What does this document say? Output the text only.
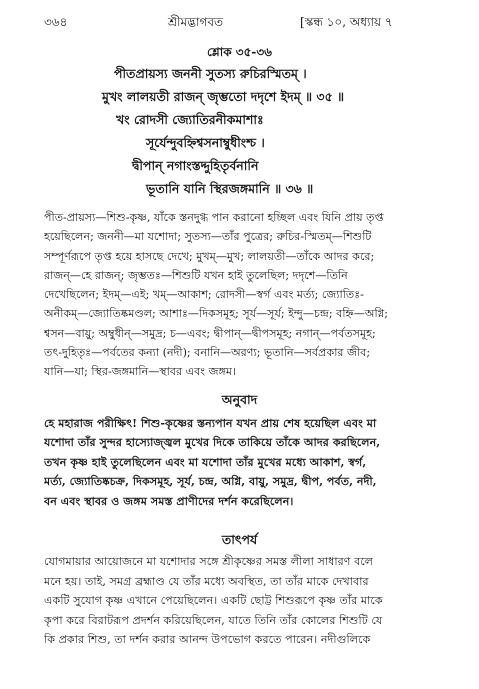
৩৬৪	শ্রীমদ্ভাগবত	[স্কন্ধ ১০, অধ্যায় ৭
শ্লোক ৩৫-৩৬
পীতপ্রায়স্য জননী সুতস্য রুচিরস্মিতম্ ।
মুখং লালয়তী রাজন্ জৃম্ভতো দদৃশে ইদম্ ॥ ৩৫ ॥
খং রোদসী জ্যোতিরনীকমাশাঃ
সূর্যেন্দুবহ্নিশ্বসনাম্বুধীংশ্চ ।
দ্বীপান্ নগাংস্তদ্দুহিতৃর্বনানি
ভূতানি যানি স্থিরজঙ্গমানি ॥ ৩৬ ॥
পীত-প্রায়স্য—শিশু-কৃষ্ণ, যাঁকে স্তনদুগ্ধ পান করানো হচ্ছিল এবং যিনি প্রায় তৃপ্ত
হয়েছিলেন; জননী—মা যশোদা; সুতস্য—তাঁর পুত্রের; রুচির-স্মিতম্—শিশুটি
সম্পূর্ণরূপে তৃপ্ত হয়ে হাসছে দেখে; মুখম্—মুখ; লালয়তী—তাঁকে আদর করে;
রাজন্—হে রাজন্; জৃম্ভতঃ—শিশুটি যখন হাই তুলেছিল; দদৃশে—তিনি
দেখেছিলেন; ইদম্—এই; খম্—আকাশ; রোদসী—স্বর্গ এবং মর্ত্য; জ্যোতিঃ-
অনীকম্—জ্যোতিষ্কমণ্ডল; আশাঃ—দিকসমূহ; সূর্য—সূর্য; ইন্দু—চন্দ্র; বহ্নি—অগ্নি;
শ্বসন—বায়ু; অম্বুধীন্—সমুদ্র; চ—এবং; দ্বীপান্—দ্বীপসমূহ; নগান্—পর্বতসমূহ;
তৎ-দুহিতৃঃ—পর্বতের কন্যা (নদী); বনানি—অরণ্য; ভূতানি—সর্বপ্রকার জীব;
যানি—যা; স্থির-জঙ্গমানি—স্থাবর এবং জঙ্গম।
অনুবাদ
হে মহারাজ পরীক্ষিৎ! শিশু-কৃষ্ণের স্তন্যপান যখন প্রায় শেষ হয়েছিল এবং মা
যশোদা তাঁর সুন্দর হাস্যোজ্জ্বল মুখের দিকে তাকিয়ে তাঁকে আদর করছিলেন,
তখন কৃষ্ণ হাই তুলেছিলেন এবং মা যশোদা তাঁর মুখের মধ্যে আকাশ, স্বর্গ,
মর্ত্য, জ্যোতিষ্কচক্র, দিকসমূহ, সূর্য, চন্দ্র, অগ্নি, বায়ু, সমুদ্র, দ্বীপ, পর্বত, নদী,
বন এবং স্থাবর ও জঙ্গম সমস্ত প্রাণীদের দর্শন করেছিলেন।
তাৎপর্য
যোগমায়ার আয়োজনে মা যশোদার সঙ্গে শ্রীকৃষ্ণের সমস্ত লীলা সাধারণ বলে
মনে হয়। তাই, সমগ্র ব্রহ্মাণ্ড যে তাঁর মধ্যে অবস্থিত, তা তাঁর মাকে দেখাবার
একটি সুযোগ কৃষ্ণ এখানে পেয়েছিলেন। একটি ছোট্ট শিশুরূপে কৃষ্ণ তাঁর মাকে
কৃপা করে বিরাটরূপ প্রদর্শন করিয়েছিলেন, যাতে তিনি তাঁর কোলের শিশুটি যে
কি প্রকার শিশু, তা দর্শন করার আনন্দ উপভোগ করতে পারেন। নদীগুলিকে
